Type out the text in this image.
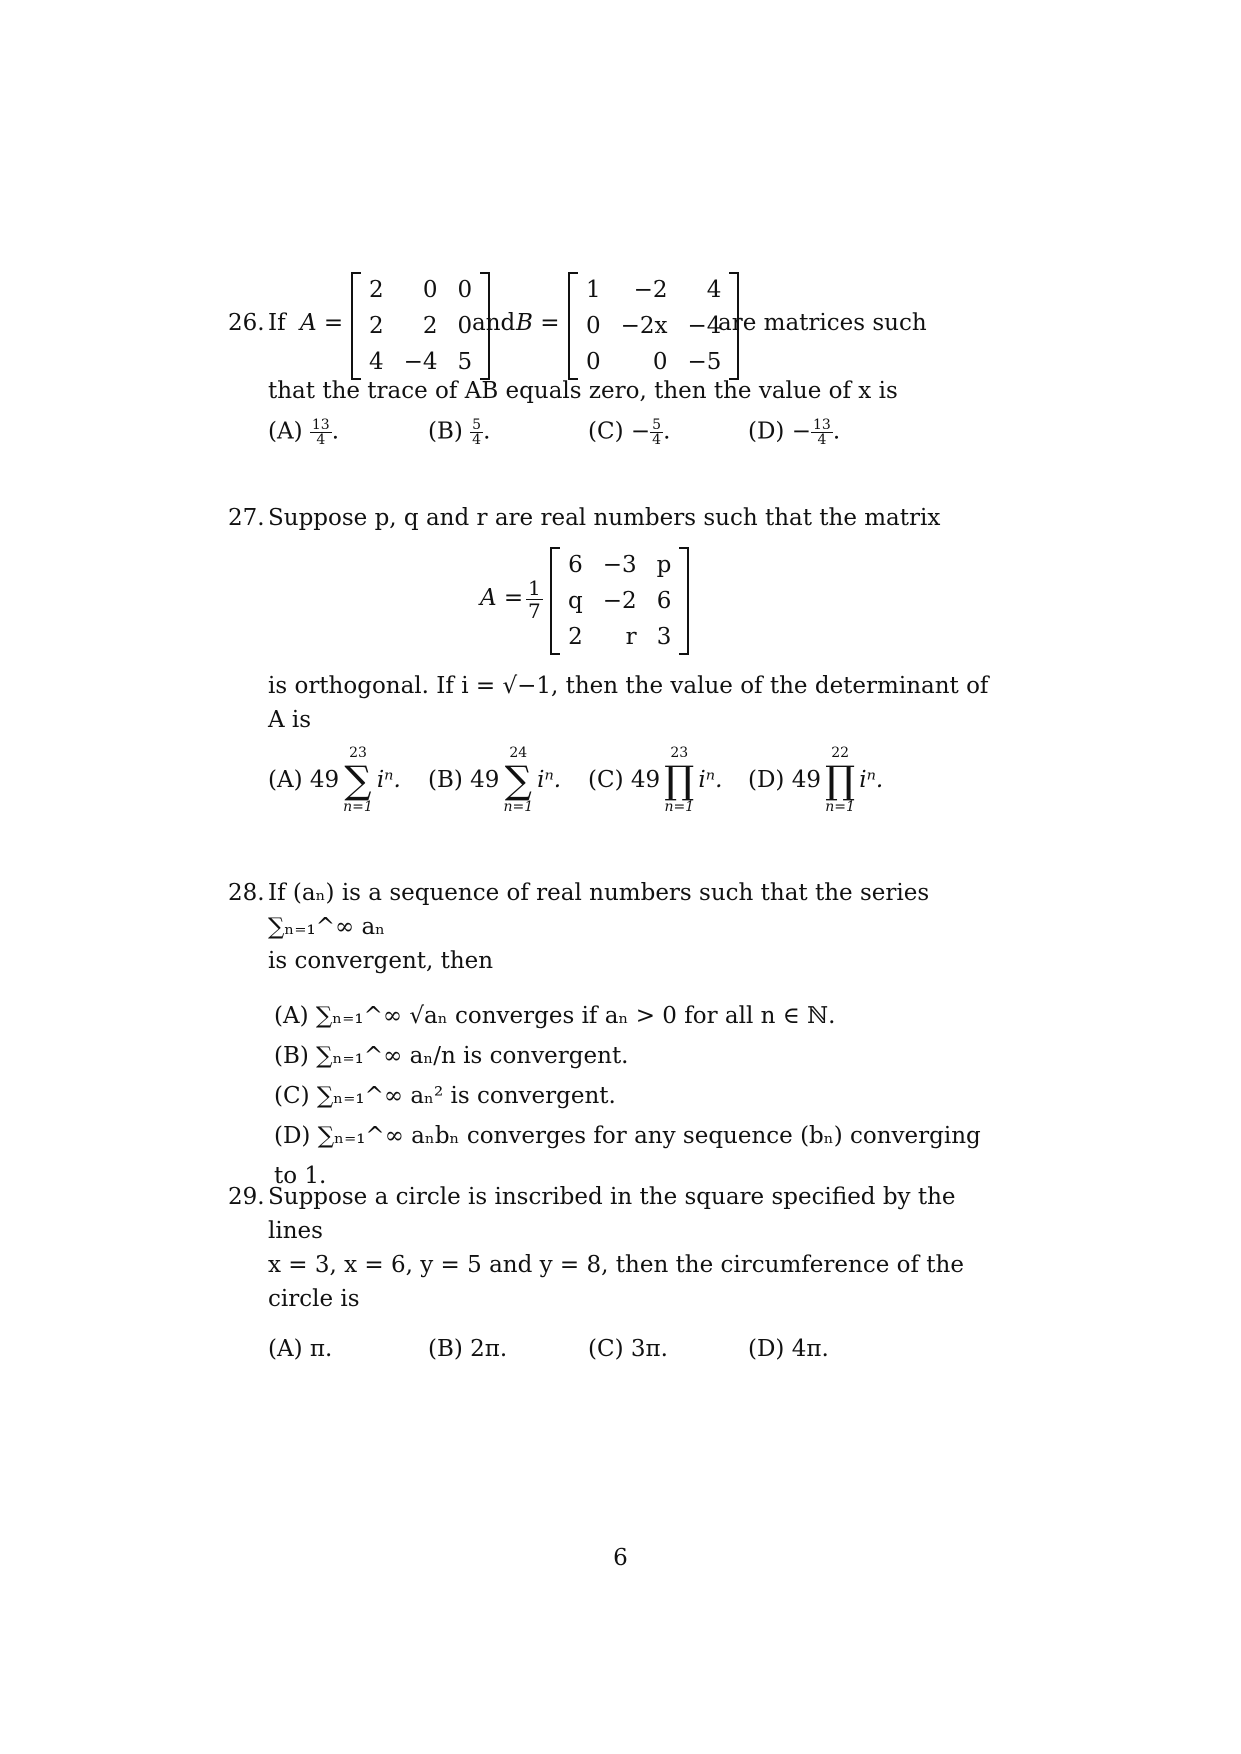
26. If A =
2	0	0
2	2	0
4	−4	5
and B =
1	−2	4
0	−2x	−4
0	0	−5
are matrices such
that the trace of AB equals zero, then the value of x is
$(A) \frac{13}{4}$ .	$(B) \frac{5}{4}$ .	$(C) - \frac{5}{4}$ .	$(D) - \frac{13}{4}$ .
27. Suppose p, q and r are real numbers such that the matrix
$A = \frac{1}{7}$
6	−3	p
q	−2	6
2	r	3
is orthogonal. If i = √−1, then the value of the determinant of
A is
(A) 49
23
∑
n=1
iⁿ. (B) 49
24
∑
n=1
iⁿ. (C) 49
23
∏
n=1
iⁿ. (D) 49
22
∏
n=1
iⁿ.
28. If (aₙ) is a sequence of real numbers such that the series ∑ₙ₌₁^∞ aₙ
is convergent, then
(A) ∑ₙ₌₁^∞ √aₙ converges if aₙ > 0 for all n ∈ ℕ.
(B) ∑ₙ₌₁^∞ aₙ/n is convergent.
(C) ∑ₙ₌₁^∞ aₙ² is convergent.
(D) ∑ₙ₌₁^∞ aₙbₙ converges for any sequence (bₙ) converging to 1.
29. Suppose a circle is inscribed in the square specified by the lines
x = 3, x = 6, y = 5 and y = 8, then the circumference of the
circle is
(A) π.	(B) 2π.	(C) 3π.	(D) 4π.
6
